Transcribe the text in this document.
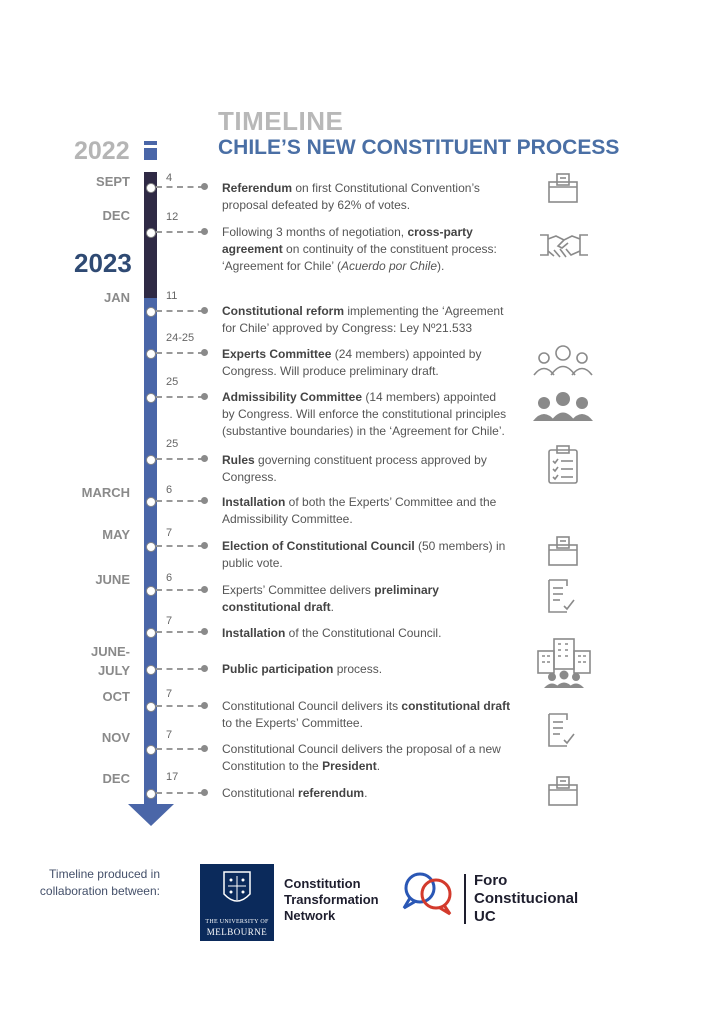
TIMELINE
CHILE’S NEW CONSTITUENT PROCESS
2022
2023
SEPT
DEC
JAN
MARCH
MAY
JUNE
JUNE-
JULY
OCT
NOV
DEC
4
Referendum on first Constitutional Convention’s proposal defeated by 62% of votes.
12
Following 3 months of negotiation, cross-party agreement on continuity of the constituent process: ‘Agreement for Chile’ (Acuerdo por Chile).
11
Constitutional reform implementing the ‘Agreement for Chile’ approved by Congress: Ley Nº21.533
24-25
Experts Committee (24 members) appointed by Congress. Will produce preliminary draft.
25
Admissibility Committee (14 members) appointed by Congress. Will enforce the constitutional principles (substantive boundaries) in the ‘Agreement for Chile’.
25
Rules governing constituent process approved by Congress.
6
Installation of both the Experts’ Committee and the Admissibility Committee.
7
Election of Constitutional Council (50 members) in public vote.
6
Experts’ Committee delivers preliminary constitutional draft.
7
Installation of the Constitutional Council.
Public participation process.
7
Constitutional Council delivers its constitutional draft to the Experts’ Committee.
7
Constitutional Council delivers the proposal of a new Constitution to the President.
17
Constitutional referendum.
Timeline produced in collaboration between:
THE UNIVERSITY OF
MELBOURNE
Constitution
Transformation
Network
Foro
Constitucional
UC
